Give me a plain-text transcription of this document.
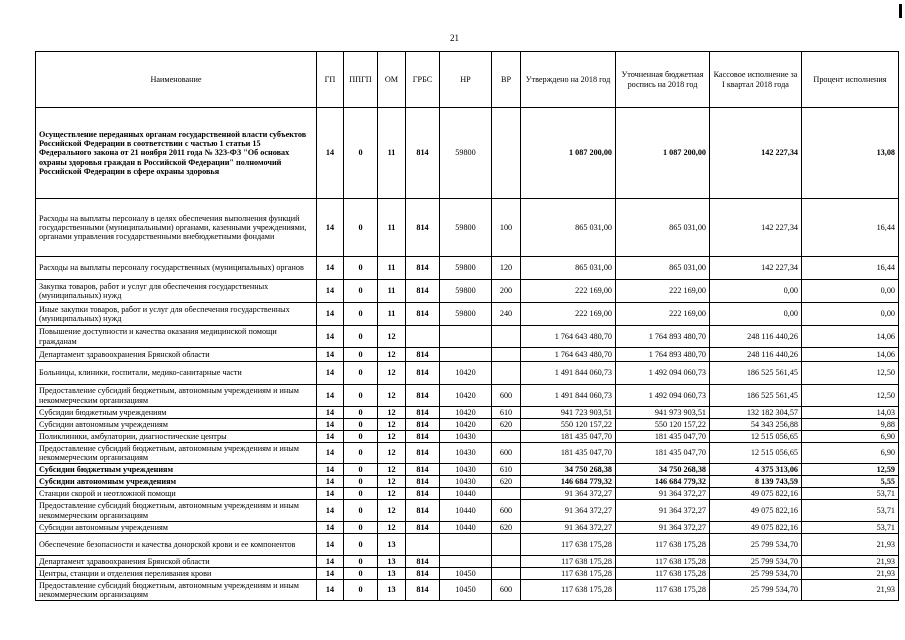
21
Наименование	ГП	ППГП	ОМ	ГРБС	НР	ВР	Утверждено на 2018 год	Уточненная бюджетная роспись на 2018 год	Кассовое исполнение за I квартал 2018 года	Процент исполнения
Осуществление переданных органам государственной власти субъектов Российской Федерации в соответствии с частью 1 статьи 15 Федерального закона от 21 ноября 2011 года № 323-ФЗ "Об основах охраны здоровья граждан в Российской Федерации" полномочий Российской Федерации в сфере охраны здоровья	14	0	11	814	59800		1 087 200,00	1 087 200,00	142 227,34	13,08
Расходы на выплаты персоналу в целях обеспечения выполнения функций государственными (муниципальными) органами, казенными учреждениями, органами управления государственными внебюджетными фондами	14	0	11	814	59800	100	865 031,00	865 031,00	142 227,34	16,44
Расходы на выплаты персоналу государственных (муниципальных) органов	14	0	11	814	59800	120	865 031,00	865 031,00	142 227,34	16,44
Закупка товаров, работ и услуг для обеспечения государственных (муниципальных) нужд	14	0	11	814	59800	200	222 169,00	222 169,00	0,00	0,00
Иные закупки товаров, работ и услуг для обеспечения государственных (муниципальных) нужд	14	0	11	814	59800	240	222 169,00	222 169,00	0,00	0,00
Повышение доступности и качества оказания медицинской помощи гражданам	14	0	12				1 764 643 480,70	1 764 893 480,70	248 116 440,26	14,06
Департамент здравоохранения Брянской области	14	0	12	814			1 764 643 480,70	1 764 893 480,70	248 116 440,26	14,06
Больницы, клиники, госпитали, медико-санитарные части	14	0	12	814	10420		1 491 844 060,73	1 492 094 060,73	186 525 561,45	12,50
Предоставление субсидий бюджетным, автономным учреждениям и иным некоммерческим организациям	14	0	12	814	10420	600	1 491 844 060,73	1 492 094 060,73	186 525 561,45	12,50
Субсидии бюджетным учреждениям	14	0	12	814	10420	610	941 723 903,51	941 973 903,51	132 182 304,57	14,03
Субсидии автономным учреждениям	14	0	12	814	10420	620	550 120 157,22	550 120 157,22	54 343 256,88	9,88
Поликлиники, амбулатории, диагностические центры	14	0	12	814	10430		181 435 047,70	181 435 047,70	12 515 056,65	6,90
Предоставление субсидий бюджетным, автономным учреждениям и иным некоммерческим организациям	14	0	12	814	10430	600	181 435 047,70	181 435 047,70	12 515 056,65	6,90
Субсидии бюджетным учреждениям	14	0	12	814	10430	610	34 750 268,38	34 750 268,38	4 375 313,06	12,59
Субсидии автономным учреждениям	14	0	12	814	10430	620	146 684 779,32	146 684 779,32	8 139 743,59	5,55
Станции скорой и неотложной помощи	14	0	12	814	10440		91 364 372,27	91 364 372,27	49 075 822,16	53,71
Предоставление субсидий бюджетным, автономным учреждениям и иным некоммерческим организациям	14	0	12	814	10440	600	91 364 372,27	91 364 372,27	49 075 822,16	53,71
Субсидии автономным учреждениям	14	0	12	814	10440	620	91 364 372,27	91 364 372,27	49 075 822,16	53,71
Обеспечение безопасности и качества донорской крови и ее компонентов	14	0	13				117 638 175,28	117 638 175,28	25 799 534,70	21,93
Департамент здравоохранения Брянской области	14	0	13	814			117 638 175,28	117 638 175,28	25 799 534,70	21,93
Центры, станции и отделения переливания крови	14	0	13	814	10450		117 638 175,28	117 638 175,28	25 799 534,70	21,93
Предоставление субсидий бюджетным, автономным учреждениям и иным некоммерческим организациям	14	0	13	814	10450	600	117 638 175,28	117 638 175,28	25 799 534,70	21,93
